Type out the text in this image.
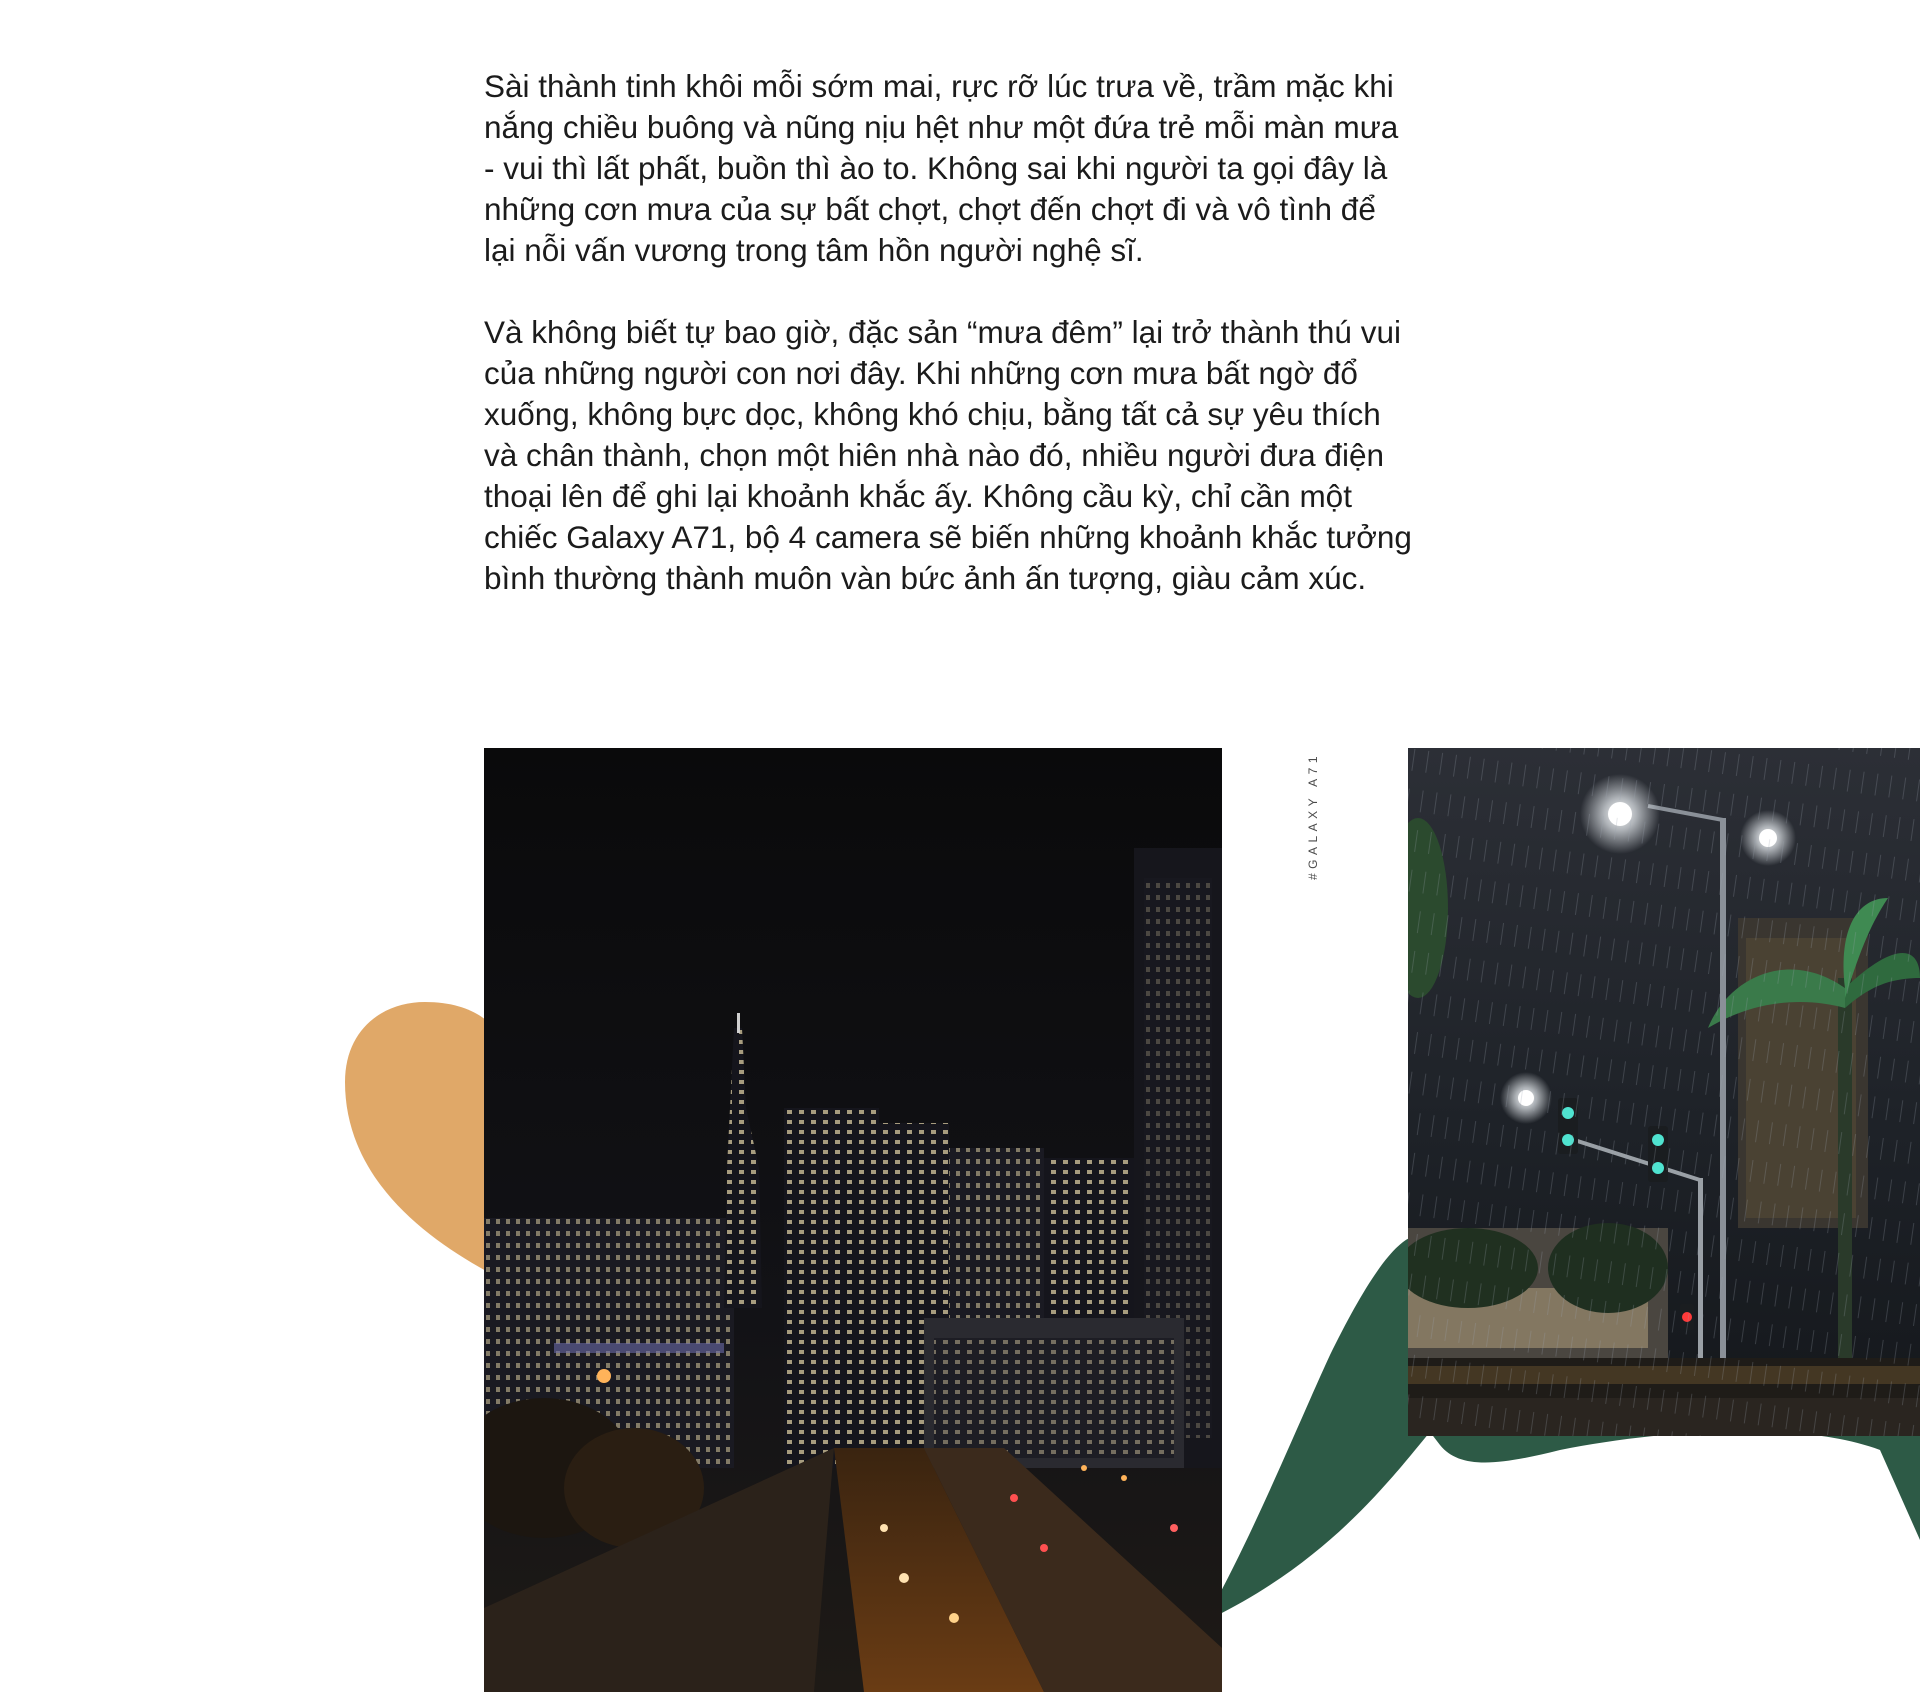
Sài thành tinh khôi mỗi sớm mai, rực rỡ lúc trưa về, trầm mặc khi nắng chiều buông và nũng nịu hệt như một đứa trẻ mỗi màn mưa - vui thì lất phất, buồn thì ào to. Không sai khi người ta gọi đây là những cơn mưa của sự bất chợt, chợt đến chợt đi và vô tình để lại nỗi vấn vương trong tâm hồn người nghệ sĩ.

Và không biết tự bao giờ, đặc sản “mưa đêm” lại trở thành thú vui của những người con nơi đây. Khi những cơn mưa bất ngờ đổ xuống, không bực dọc, không khó chịu, bằng tất cả sự yêu thích và chân thành, chọn một hiên nhà nào đó, nhiều người đưa điện thoại lên để ghi lại khoảnh khắc ấy. Không cầu kỳ, chỉ cần một chiếc Galaxy A71, bộ 4 camera sẽ biến những khoảnh khắc tưởng bình thường thành muôn vàn bức ảnh ấn tượng, giàu cảm xúc.

#GALAXY A71
